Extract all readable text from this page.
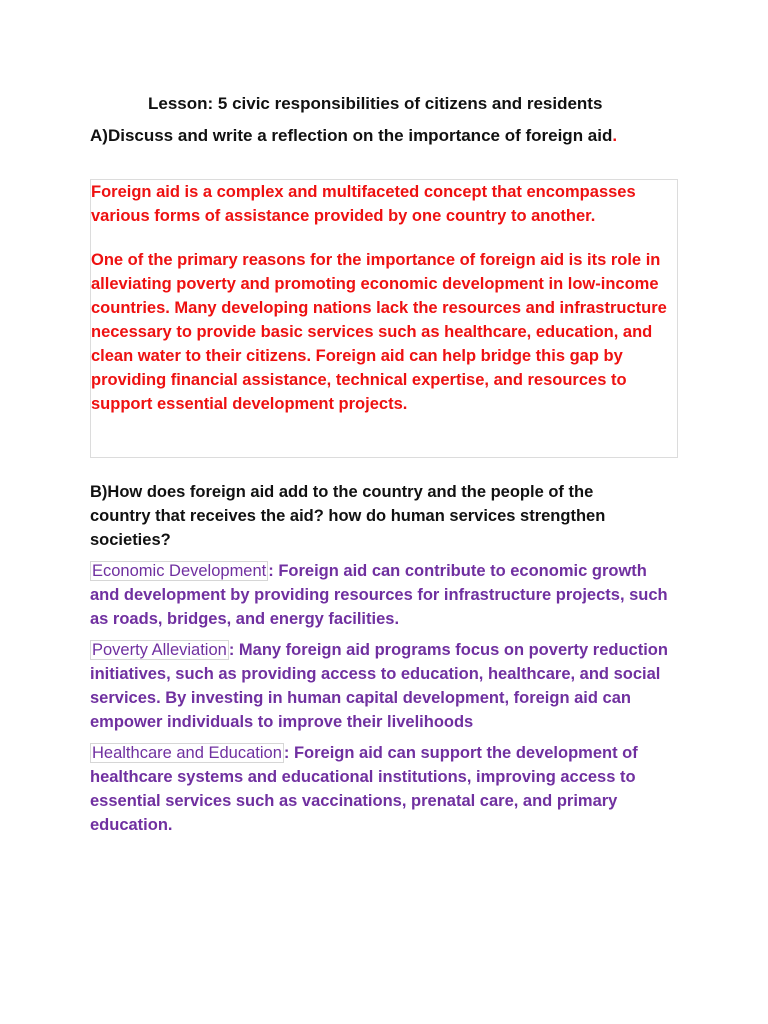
Lesson: 5 civic responsibilities of citizens and residents
A)Discuss and write a reflection on the importance of foreign aid.

Foreign aid is a complex and multifaceted concept that encompasses various forms of assistance provided by one country to another.

One of the primary reasons for the importance of foreign aid is its role in alleviating poverty and promoting economic development in low-income countries. Many developing nations lack the resources and infrastructure necessary to provide basic services such as healthcare, education, and clean water to their citizens. Foreign aid can help bridge this gap by providing financial assistance, technical expertise, and resources to support essential development projects.

B)How does foreign aid add to the country and the people of the country that receives the aid? how do human services strengthen societies?

Economic Development : Foreign aid can contribute to economic growth and development by providing resources for infrastructure projects, such as roads, bridges, and energy facilities.

Poverty Alleviation : Many foreign aid programs focus on poverty reduction initiatives, such as providing access to education, healthcare, and social services. By investing in human capital development, foreign aid can empower individuals to improve their livelihoods

Healthcare and Education : Foreign aid can support the development of healthcare systems and educational institutions, improving access to essential services such as vaccinations, prenatal care, and primary education.
